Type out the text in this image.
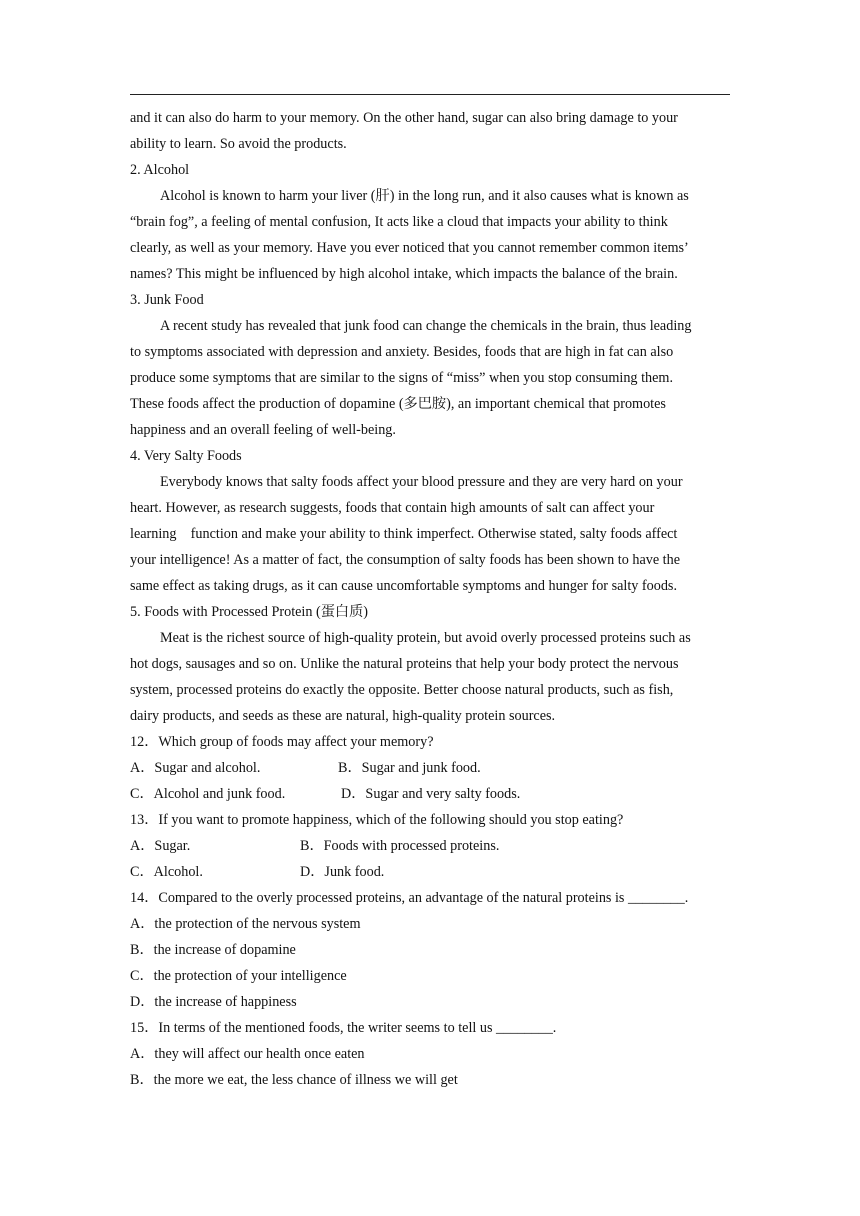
and it can also do harm to your memory. On the other hand, sugar can also bring damage to your
ability to learn. So avoid the products.
2. Alcohol
Alcohol is known to harm your liver (肝) in the long run, and it also causes what is known as
“brain fog”, a feeling of mental confusion, It acts like a cloud that impacts your ability to think
clearly, as well as your memory. Have you ever noticed that you cannot remember common items’
names? This might be influenced by high alcohol intake, which impacts the balance of the brain.
3. Junk Food
A recent study has revealed that junk food can change the chemicals in the brain, thus leading
to symptoms associated with depression and anxiety. Besides, foods that are high in fat can also
produce some symptoms that are similar to the signs of “miss” when you stop consuming them.
These foods affect the production of dopamine (多巴胺), an important chemical that promotes
happiness and an overall feeling of well-being.
4. Very Salty Foods
Everybody knows that salty foods affect your blood pressure and they are very hard on your
heart. However, as research suggests, foods that contain high amounts of salt can affect your
learning    function and make your ability to think imperfect. Otherwise stated, salty foods affect
your intelligence! As a matter of fact, the consumption of salty foods has been shown to have the
same effect as taking drugs, as it can cause uncomfortable symptoms and hunger for salty foods.
5. Foods with Processed Protein (蛋白质)
Meat is the richest source of high-quality protein, but avoid overly processed proteins such as
hot dogs, sausages and so on. Unlike the natural proteins that help your body protect the nervous
system, processed proteins do exactly the opposite. Better choose natural products, such as fish,
dairy products, and seeds as these are natural, high-quality protein sources.
12．Which group of foods may affect your memory?
A．Sugar and alcohol.	B．Sugar and junk food.
C．Alcohol and junk food.	D．Sugar and very salty foods.
13．If you want to promote happiness, which of the following should you stop eating?
A．Sugar.	B．Foods with processed proteins.
C．Alcohol.	D．Junk food.
14．Compared to the overly processed proteins, an advantage of the natural proteins is ________.
A．the protection of the nervous system
B．the increase of dopamine
C．the protection of your intelligence
D．the increase of happiness
15．In terms of the mentioned foods, the writer seems to tell us ________.
A．they will affect our health once eaten
B．the more we eat, the less chance of illness we will get
